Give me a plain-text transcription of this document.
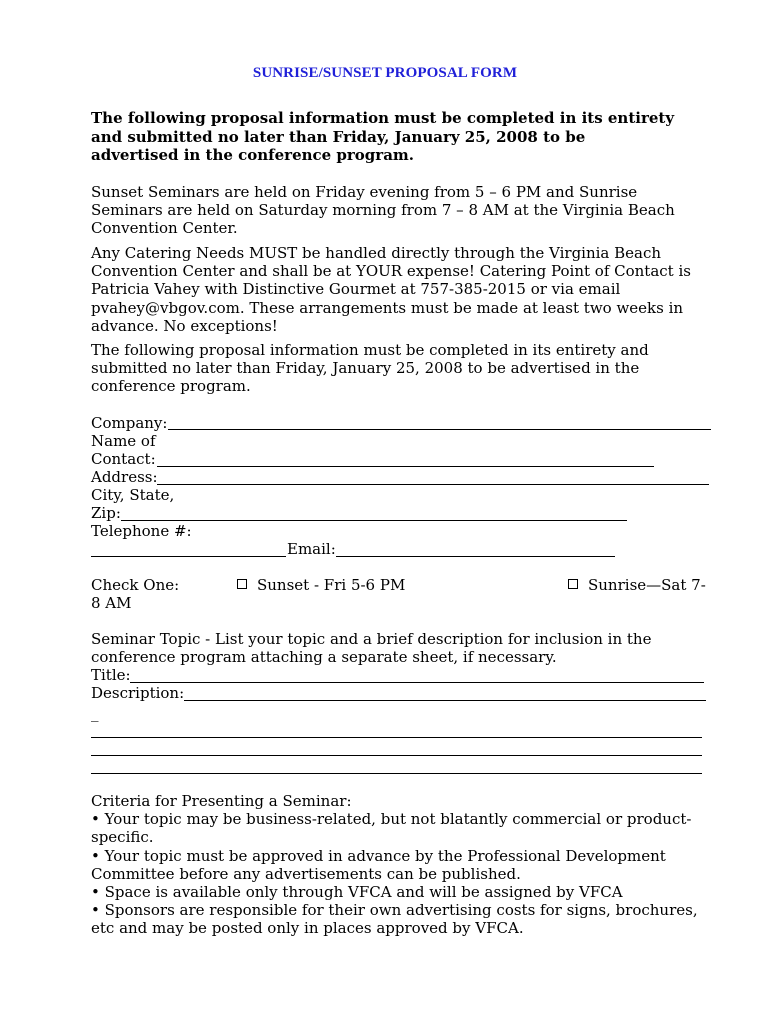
SUNRISE/SUNSET PROPOSAL FORM
The following proposal information must be completed in its entirety
and submitted no later than Friday, January 25, 2008 to be
advertised in the conference program.
Sunset Seminars are held on Friday evening from 5 – 6 PM and Sunrise
Seminars are held on Saturday morning from 7 – 8 AM at the Virginia Beach
Convention Center.
Any Catering Needs MUST be handled directly through the Virginia Beach
Convention Center and shall be at YOUR expense! Catering Point of Contact is
Patricia Vahey with Distinctive Gourmet at 757-385-2015 or via email
pvahey@vbgov.com. These arrangements must be made at least two weeks in
advance. No exceptions!
The following proposal information must be completed in its entirety and
submitted no later than Friday, January 25, 2008 to be advertised in the
conference program.
Company:
Name of
Contact:
Address:
City, State,
Zip:
Telephone #:
Email:
Check One:	Sunset - Fri 5-6 PM	Sunrise—Sat 7-
8 AM
Seminar Topic - List your topic and a brief description for inclusion in the
conference program attaching a separate sheet, if necessary.
Title:
Description:
_
Criteria for Presenting a Seminar:
• Your topic may be business-related, but not blatantly commercial or product-
specific.
• Your topic must be approved in advance by the Professional Development
Committee before any advertisements can be published.
• Space is available only through VFCA and will be assigned by VFCA
• Sponsors are responsible for their own advertising costs for signs, brochures,
etc and may be posted only in places approved by VFCA.
